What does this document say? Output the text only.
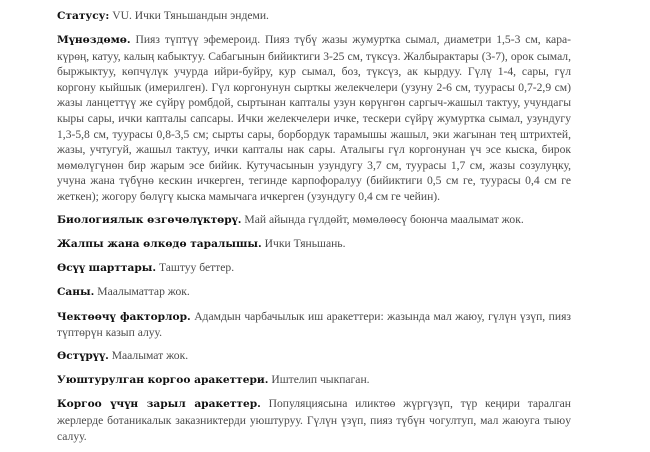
Статусу: VU. Ички Тяньшандын эндеми.

Мүнөздөмө. Пияз түптүү эфемероид. Пияз түбү жазы жумуртка сымал, диаметри 1,5-3 см, кара-күрөң, катуу, калың кабыктуу. Сабагынын бийиктиги 3-25 см, түксүз. Жалбырактары (3-7), орок сымал, быржыктуу, көпчүлүк учурда ийри-буйру, кур сымал, боз, түксүз, ак кырдуу. Гүлү 1-4, сары, гүл коргону кыйшык (имерилген). Гүл коргонунун сырткы желекчелери (узуну 2-6 см, туурасы 0,7-2,9 см) жазы ланцеттүү же сүйрү ромбдой, сыртынан капталы узун көрүнгөн саргыч-жашыл тактуу, учундагы кыры сары, ички капталы сапсары. Ички желекчелери ичке, тескери сүйрү жумуртка сымал, узундугу 1,3-5,8 см, туурасы 0,8-3,5 см; сырты сары, борбордук тарамышы жашыл, эки жагынан тең штрихтей, жазы, учтугуй, жашыл тактуу, ички капталы нак сары. Аталыгы гүл коргонунан үч эсе кыска, бирок мөмөлүгүнөн бир жарым эсе бийик. Кутучасынын узундугу 3,7 см, туурасы 1,7 см, жазы созулуңку, учуна жана түбүнө кескин ичкерген, тегинде карпофоралуу (бийиктиги 0,5 см ге, туурасы 0,4 см ге жеткен); жогору бөлүгү кыска мамычага ичкерген (узундугу 0,4 см ге чейин).

Биологиялык өзгөчөлүктөрү. Май айында гүлдөйт, мөмөлөөсү боюнча маалымат жок.

Жалпы жана өлкөдө таралышы. Ички Тяньшань.

Өсүү шарттары. Таштуу беттер.

Саны. Маалыматтар жок.

Чектөөчү факторлор. Адамдын чарбачылык иш аракеттери: жазында мал жаюу, гүлүн үзүп, пияз түптөрүн казып алуу.

Өстүрүү. Маалымат жок.

Уюштурулган коргоо аракеттери. Иштелип чыкпаган.

Коргоо үчүн зарыл аракеттер. Популяциясына иликтөө жүргүзүп, түр кеңири таралган жерлерде ботаникалык заказниктерди уюштуруу. Гүлүн үзүп, пияз түбүн чогултуп, мал жаюуга тыюу салуу.
